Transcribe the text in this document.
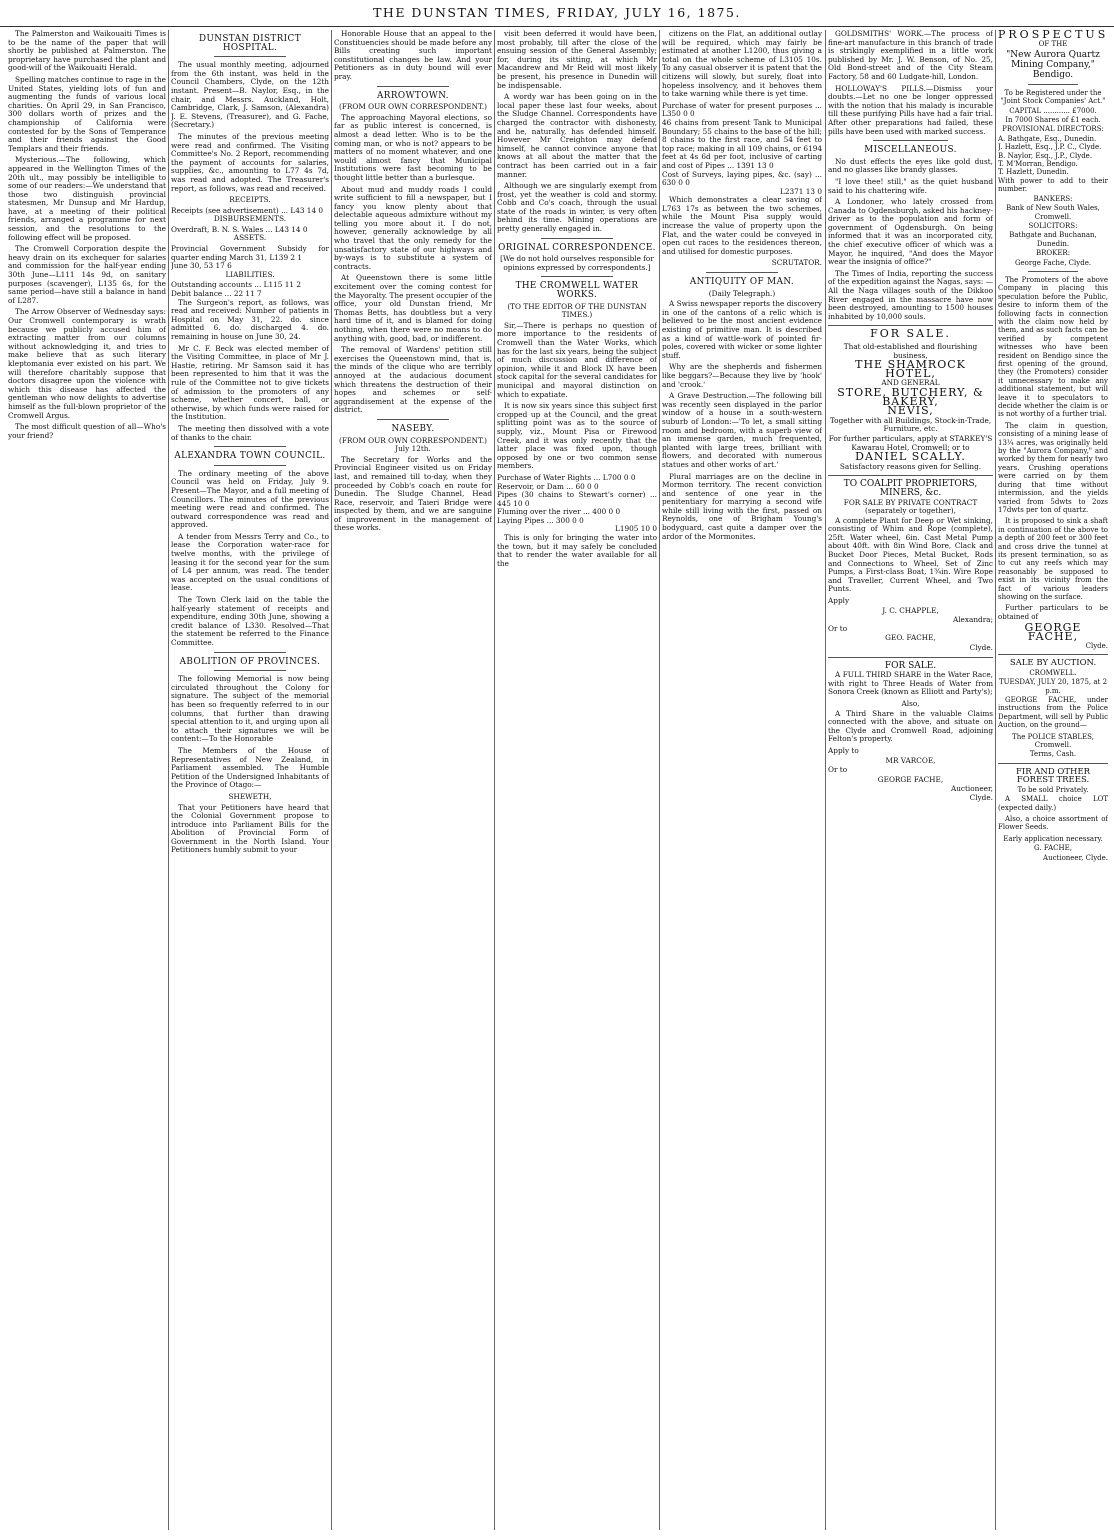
THE DUNSTAN TIMES, FRIDAY, JULY 16, 1875.

The Palmerston and Waikouaiti Times is to be the name of the paper that will shortly be published at Palmerston. The proprietary have purchased the plant and good-will of the Waikouaiti Herald.

Spelling matches continue to rage in the United States, yielding lots of fun and augmenting the funds of various local charities. On April 29, in San Francisco, 300 dollars worth of prizes and the championship of California were contested for by the Sons of Temperance and their friends against the Good Templars and their friends.

Mysterious.—The following, which appeared in the Wellington Times of the 20th ult., may possibly be intelligible to some of our readers:—We understand that those two distinguish provincial statesmen, Mr Dunsup and Mr Hardup, have, at a meeting of their political friends, arranged a programme for next session, and the resolutions to the following effect will be proposed.

The Cromwell Corporation despite the heavy drain on its exchequer for salaries and commission for the half-year ending 30th June—L111 14s 9d, on sanitary purposes (scavenger), L135 6s, for the same period—have still a balance in hand of L287.

The Arrow Observer of Wednesday says: Our Cromwell contemporary is wrath because we publicly accused him of extracting matter from our columns without acknowledging it, and tries to make believe that as such literary kleptomania ever existed on his part. We will therefore charitably suppose that doctors disagree upon the violence with which this disease has affected the gentleman who now delights to advertise himself as the full-blown proprietor of the Cromwell Argus.

The most difficult question of all—Who's your friend?

DUNSTAN DISTRICT HOSPITAL.

The usual monthly meeting, adjourned from the 6th instant, was held in the Council Chambers, Clyde, on the 12th instant. Present—B. Naylor, Esq., in the chair, and Messrs. Auckland, Holt, Cambridge, Clark, J. Samson, (Alexandra) J. E. Stevens, (Treasurer), and G. Fache, (Secretary.)

The minutes of the previous meeting were read and confirmed. The Visiting Committee's No. 2 Report, recommending the payment of accounts for salaries, supplies, &c., amounting to L77 4s 7d, was read and adopted. The Treasurer's report, as follows, was read and received.

RECEIPTS.
Receipts (see advertisement) ... L43 14 0
DISBURSEMENTS.
Overdraft, B. N. S. Wales ... L43 14 0
ASSETS.
Provincial Government Subsidy for quarter ending March 31, L139 2 1
June 30, 53 17 6
LIABILITIES.
Outstanding accounts ... L115 11 2
Debit balance ... 22 11 7

The Surgeon's report, as follows, was read and received: Number of patients in Hospital on May 31, 22. do. since admitted 6. do. discharged 4. do. remaining in house on June 30, 24.

Mr C. F. Beck was elected member of the Visiting Committee, in place of Mr J. Hastie, retiring. Mr Samson said it has been represented to him that it was the rule of the Committee not to give tickets of admission to the promoters of any scheme, whether concert, ball, or otherwise, by which funds were raised for the Institution.

The meeting then dissolved with a vote of thanks to the chair.

ALEXANDRA TOWN COUNCIL.

The ordinary meeting of the above Council was held on Friday, July 9. Present—The Mayor, and a full meeting of Councillors. The minutes of the previous meeting were read and confirmed. The outward correspondence was read and approved.

A tender from Messrs Terry and Co., to lease the Corporation water-race for twelve months, with the privilege of leasing it for the second year for the sum of L4 per annum, was read. The tender was accepted on the usual conditions of lease.

The Town Clerk laid on the table the half-yearly statement of receipts and expenditure, ending 30th June, showing a credit balance of L330. Resolved—That the statement be referred to the Finance Committee.

ABOLITION OF PROVINCES.

The following Memorial is now being circulated throughout the Colony for signature. The subject of the memorial has been so frequently referred to in our columns, that further than drawing special attention to it, and urging upon all to attach their signatures we will be content:—To the Honorable

The Members of the House of Representatives of New Zealand, in Parliament assembled. The Humble Petition of the Undersigned Inhabitants of the Province of Otago:—

SHEWETH,

That your Petitioners have heard that the Colonial Government propose to introduce into Parliament Bills for the Abolition of Provincial Form of Government in the North Island. Your Petitioners humbly submit to your

Honorable House that an appeal to the Constituencies should be made before any Bills creating such important constitutional changes be law. And your Petitioners as in duty bound will ever pray.

ARROWTOWN.
(FROM OUR OWN CORRESPONDENT.)

The approaching Mayoral elections, so far as public interest is concerned, is almost a dead letter. Who is to be the coming man, or who is not? appears to be matters of no moment whatever, and one would almost fancy that Municipal Institutions were fast becoming to be thought little better than a burlesque.

About mud and muddy roads I could write sufficient to fill a newspaper, but I fancy you know plenty about that delectable aqueous admixture without my telling you more about it. I do not, however, generally acknowledge by all who travel that the only remedy for the unsatisfactory state of our highways and by-ways is to substitute a system of contracts.

At Queenstown there is some little excitement over the coming contest for the Mayoralty. The present occupier of the office, your old Dunstan friend, Mr Thomas Betts, has doubtless but a very hard time of it, and is blamed for doing nothing, when there were no means to do anything with, good, bad, or indifferent.

The removal of Wardens' petition still exercises the Queenstown mind, that is, the minds of the clique who are terribly annoyed at the audacious document which threatens the destruction of their hopes and schemes or self-aggrandisement at the expense of the district.

NASEBY.
(FROM OUR OWN CORRESPONDENT.) July 12th.

The Secretary for Works and the Provincial Engineer visited us on Friday last, and remained till to-day, when they proceeded by Cobb's coach en route for Dunedin. The Sludge Channel, Head Race, reservoir, and Taieri Bridge were inspected by them, and we are sanguine of improvement in the management of these works.

visit been deferred it would have been, most probably, till after the close of the ensuing session of the General Assembly; for, during its sitting, at which Mr Macandrew and Mr Reid will most likely be present, his presence in Dunedin will be indispensable.

A wordy war has been going on in the local paper these last four weeks, about the Sludge Channel. Correspondents have charged the contractor with dishonesty, and he, naturally, has defended himself. However Mr Creighton may defend himself, he cannot convince anyone that knows at all about the matter that the contract has been carried out in a fair manner.

Although we are singularly exempt from frost, yet the weather is cold and stormy. Cobb and Co's coach, through the usual state of the roads in winter, is very often behind its time. Mining operations are pretty generally engaged in.

ORIGINAL CORRESPONDENCE.
[We do not hold ourselves responsible for opinions expressed by correspondents.]
THE CROMWELL WATER WORKS.
(TO THE EDITOR OF THE DUNSTAN TIMES.)

Sir,—There is perhaps no question of more importance to the residents of Cromwell than the Water Works, which has for the last six years, being the subject of much discussion and difference of opinion, while it and Block IX have been stock capital for the several candidates for municipal and mayoral distinction on which to expatiate.

It is now six years since this subject first cropped up at the Council, and the great splitting point was as to the source of supply, viz., Mount Pisa or Firewood Creek, and it was only recently that the latter place was fixed upon, though opposed by one or two common sense members.

Purchase of Water Rights ... L700 0 0
Reservoir, or Dam ... 60 0 0
Pipes (30 chains to Stewart's corner) ... 445 10 0
Fluming over the river ... 400 0 0
Laying Pipes ... 300 0 0
L1905 10 0

This is only for bringing the water into the town, but it may safely be concluded that to render the water available for all the

citizens on the Flat, an additional outlay will be required, which may fairly be estimated at another L1200, thus giving a total on the whole scheme of L3105 10s. To any casual observer it is patent that the citizens will slowly, but surely, float into hopeless insolvency, and it behoves them to take warning while there is yet time.

Purchase of water for present purposes ... L350 0 0
46 chains from present Tank to Municipal Boundary; 55 chains to the base of the hill; 8 chains to the first race, and 54 feet to top race; making in all 109 chains, or 6194 feet at 4s 6d per foot, inclusive of carting and cost of Pipes ... 1391 13 0
Cost of Surveys, laying pipes, &c. (say) ... 630 0 0
L2371 13 0

Which demonstrates a clear saving of L763 17s as between the two schemes, while the Mount Pisa supply would increase the value of property upon the Flat, and the water could be conveyed in open cut races to the residences thereon, and utilised for domestic purposes.

SCRUTATOR.
ANTIQUITY OF MAN.
(Daily Telegraph.)

A Swiss newspaper reports the discovery in one of the cantons of a relic which is believed to be the most ancient evidence existing of primitive man. It is described as a kind of wattle-work of pointed fir-poles, covered with wicker or some lighter stuff.

Why are the shepherds and fishermen like beggars?—Because they live by 'hook' and 'crook.'

A Grave Destruction.—The following bill was recently seen displayed in the parlor window of a house in a south-western suburb of London:—'To let, a small sitting room and bedroom, with a superb view of an immense garden, much frequented, planted with large trees, brilliant with flowers, and decorated with numerous statues and other works of art.'

Plural marriages are on the decline in Mormon territory. The recent conviction and sentence of one year in the penitentiary for marrying a second wife while still living with the first, passed on Reynolds, one of Brigham Young's bodyguard, cast quite a damper over the ardor of the Mormonites.

GOLDSMITHS' WORK.—The process of fine-art manufacture in this branch of trade is strikingly exemplified in a little work published by Mr. J. W. Benson, of No. 25, Old Bond-street and of the City Steam Factory, 58 and 60 Ludgate-hill, London.

HOLLOWAY'S PILLS.—Dismiss your doubts.—Let no one be longer oppressed with the notion that his malady is incurable till these purifying Pills have had a fair trial. After other preparations had failed, these pills have been used with marked success.

MISCELLANEOUS.

No dust effects the eyes like gold dust, and no glasses like brandy glasses.

"I love thee! still," as the quiet husband said to his chattering wife.

A Londoner, who lately crossed from Canada to Ogdensburgh, asked his hackney-driver as to the population and form of government of Ogdensburgh. On being informed that it was an incorporated city, the chief executive officer of which was a Mayor, he inquired, "And does the Mayor wear the insignia of office?"

The Times of India, reporting the success of the expedition against the Nagas, says: —All the Naga villages south of the Dikkoo River engaged in the massacre have now been destroyed, amounting to 1500 houses inhabited by 10,000 souls.

FOR SALE.
That old-established and flourishing business,
THE SHAMROCK HOTEL,
AND GENERAL
STORE, BUTCHERY, & BAKERY,
NEVIS,
Together with all Buildings, Stock-in-Trade, Furniture, etc.
For further particulars, apply at STARKEY'S Kawarau Hotel, Cromwell; or to
DANIEL SCALLY.
Satisfactory reasons given for Selling.
TO COALPIT PROPRIETORS, MINERS, &c.
FOR SALE BY PRIVATE CONTRACT (separately or together),

A complete Plant for Deep or Wet sinking, consisting of Whim and Rope (complete), 25ft. Water wheel, 6in. Cast Metal Pump about 40ft. with 8in Wind Bore, Clack and Bucket Door Pieces, Metal Bucket, Rods and Connections to Wheel, Set of Zinc Pumps, a First-class Boat, 1¾in. Wire Rope and Traveller, Current Wheel, and Two Punts.

Apply
J. C. CHAPPLE,
Alexandra;
Or to
GEO. FACHE,
Clyde.
FOR SALE.

A FULL THIRD SHARE in the Water Race, with right to Three Heads of Water from Sonora Creek (known as Elliott and Party's);

Also,

A Third Share in the valuable Claims connected with the above, and situate on the Clyde and Cromwell Road, adjoining Felton's property.

Apply to
MR VARCOE,
Or to
GEORGE FACHE,
Auctioneer,
Clyde.
PROSPECTUS
OF THE
"New Aurora Quartz Mining Company," Bendigo.
To be Registered under the "Joint Stock Companies' Act."
CAPITAL ............ £7000.
In 7000 Shares of £1 each.
PROVISIONAL DIRECTORS:
A. Bathgate, Esq., Dunedin.
J. Hazlett, Esq., J.P. C., Clyde.
B. Naylor, Esq., J.P., Clyde.
T. M'Morran, Bendigo.
T. Hazlett, Dunedin.
With power to add to their number.
BANKERS:
Bank of New South Wales, Cromwell.
SOLICITORS:
Bathgate and Buchanan, Dunedin.
BROKER:
George Fache, Clyde.

The Promoters of the above Company in placing this speculation before the Public, desire to inform them of the following facts in connection with the claim now held by them, and as such facts can be verified by competent witnesses who have been resident on Bendigo since the first opening of the ground, they (the Promoters) consider it unnecessary to make any additional statement, but will leave it to speculators to decide whether the claim is or is not worthy of a further trial.

The claim in question, consisting of a mining lease of 13¼ acres, was originally held by the "Aurora Company," and worked by them for nearly two years. Crushing operations were carried on by them during that time without intermission, and the yields varied from 5dwts to 2ozs 17dwts per ton of quartz.

It is proposed to sink a shaft in continuation of the above to a depth of 200 feet or 300 feet and cross drive the tunnel at its present termination, so as to cut any reefs which may reasonably be supposed to exist in its vicinity from the fact of various leaders showing on the surface.

Further particulars to be obtained of

GEORGE FACHE,
Clyde.
SALE BY AUCTION.
CROMWELL.
TUESDAY, JULY 20, 1875, at 2 p.m.

GEORGE FACHE, under instructions from the Police Department, will sell by Public Auction, on the ground—

The POLICE STABLES, Cromwell.
Terms, Cash.
FIR AND OTHER FOREST TREES.
To be sold Privately.

A SMALL choice LOT (expected daily.)

Also, a choice assortment of Flower Seeds.

Early application necessary.
G. FACHE,
Auctioneer, Clyde.
